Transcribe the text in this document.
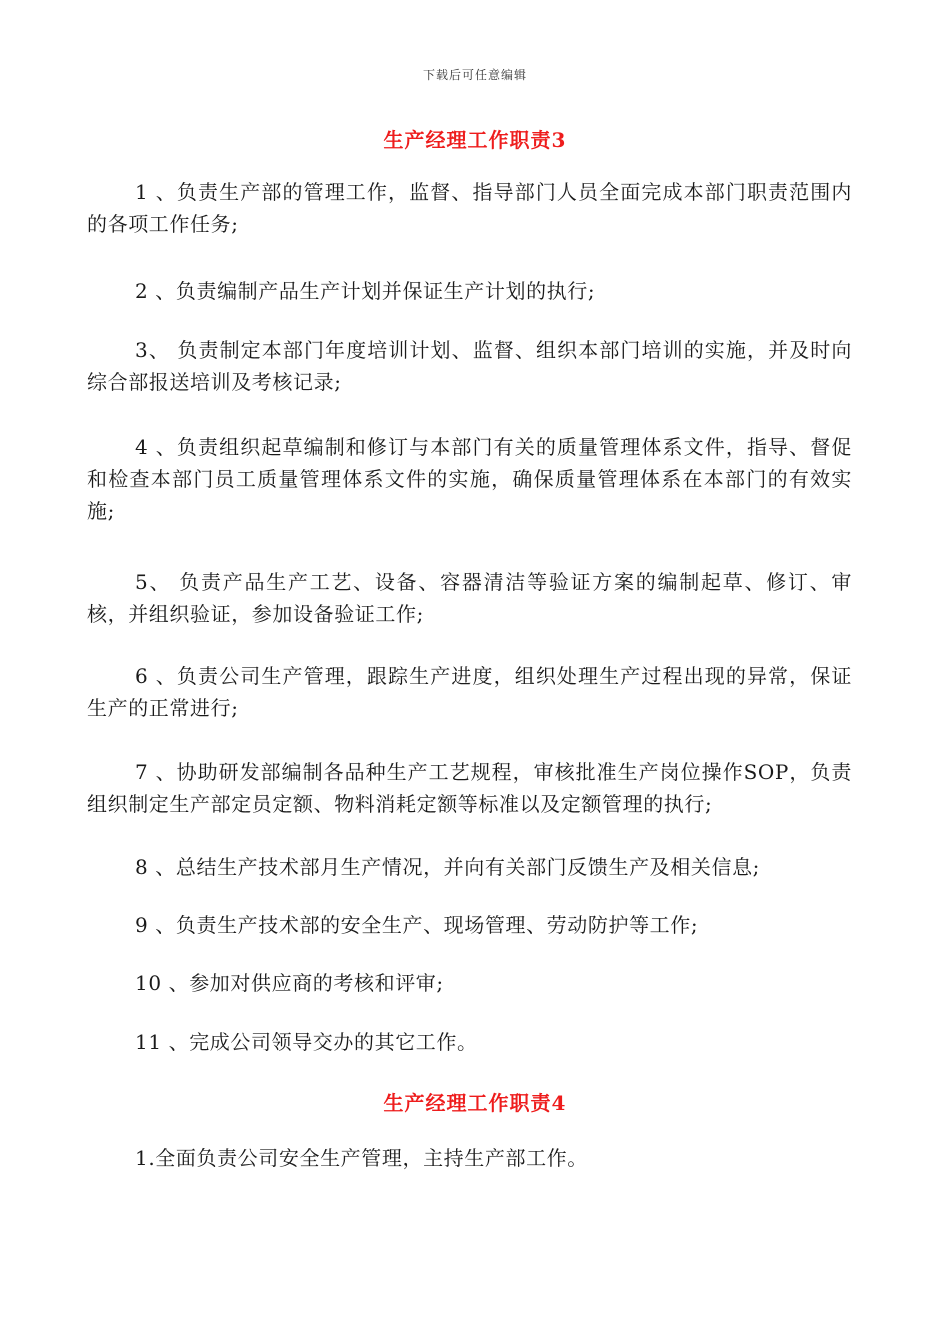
下载后可任意编辑
生产经理工作职责3

1 、负责生产部的管理工作，监督、指导部门人员全面完成本部门职责范围内的各项工作任务;

2 、负责编制产品生产计划并保证生产计划的执行;

3、 负责制定本部门年度培训计划、监督、组织本部门培训的实施，并及时向综合部报送培训及考核记录;

4 、负责组织起草编制和修订与本部门有关的质量管理体系文件，指导、督促和检查本部门员工质量管理体系文件的实施，确保质量管理体系在本部门的有效实施;

5、 负责产品生产工艺、设备、容器清洁等验证方案的编制起草、修订、审核，并组织验证，参加设备验证工作;

6 、负责公司生产管理，跟踪生产进度，组织处理生产过程出现的异常，保证生产的正常进行;

7 、协助研发部编制各品种生产工艺规程，审核批准生产岗位操作SOP，负责组织制定生产部定员定额、物料消耗定额等标准以及定额管理的执行;

8 、总结生产技术部月生产情况，并向有关部门反馈生产及相关信息;

9 、负责生产技术部的安全生产、现场管理、劳动防护等工作;

10 、参加对供应商的考核和评审;

11 、完成公司领导交办的其它工作。

生产经理工作职责4

1.全面负责公司安全生产管理，主持生产部工作。
